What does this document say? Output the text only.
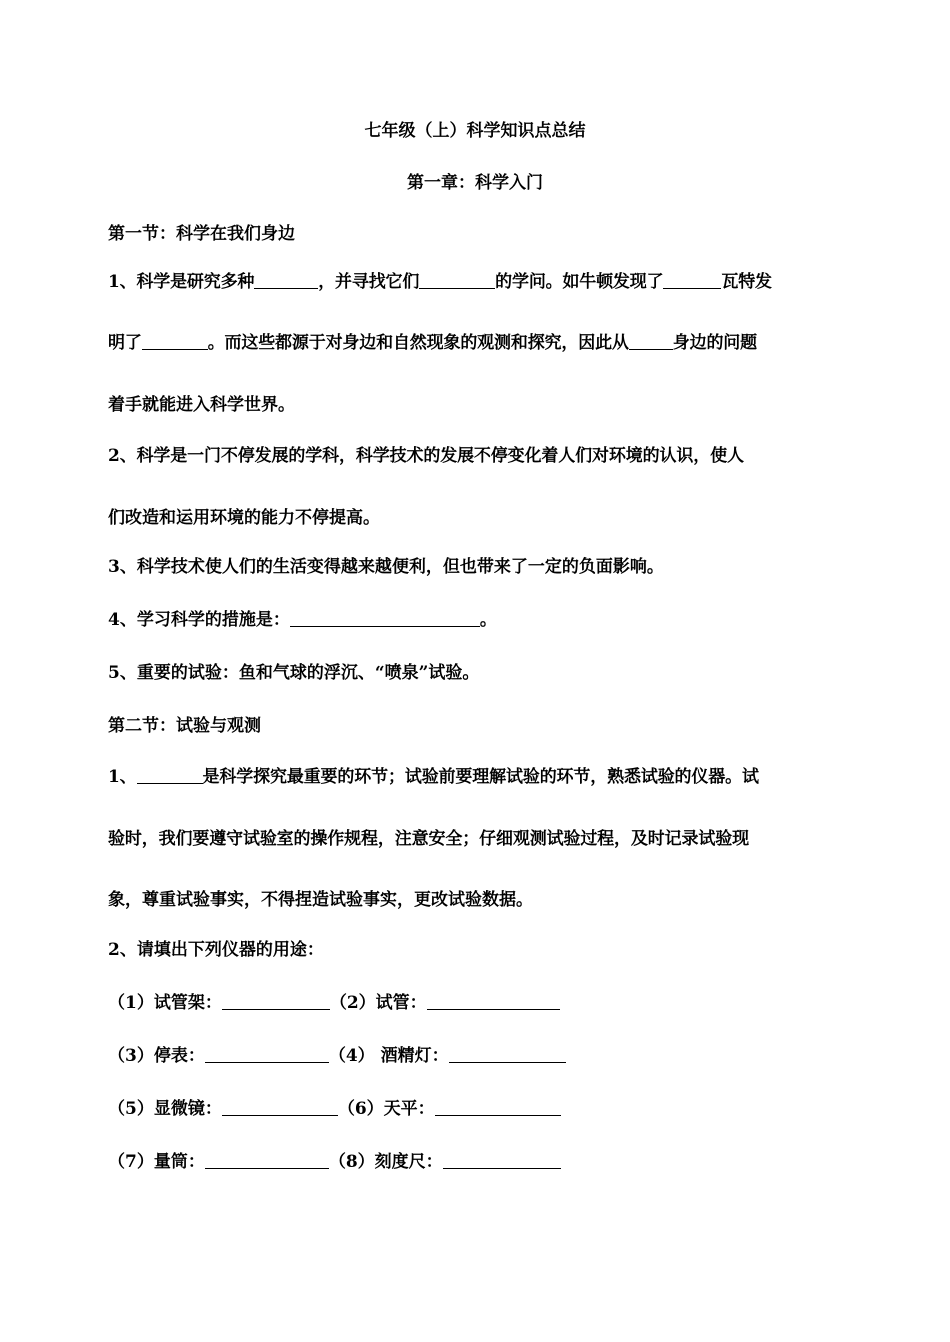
七年级（上）科学知识点总结
第一章：科学入门
第一节：科学在我们身边
1、科学是研究多种	，并寻找它们	的学问。如牛顿发现了	瓦特发
明了	。而这些都源于对身边和自然现象的观测和探究，因此从	身边的问题
着手就能进入科学世界。
2、科学是一门不停发展的学科，科学技术的发展不停变化着人们对环境的认识，使人
们改造和运用环境的能力不停提高。
3、科学技术使人们的生活变得越来越便利，但也带来了一定的负面影响。
4、学习科学的措施是：	。
5、重要的试验：鱼和气球的浮沉、“喷泉”试验。
第二节：试验与观测
1、	是科学探究最重要的环节；试验前要理解试验的环节，熟悉试验的仪器。试
验时，我们要遵守试验室的操作规程，注意安全；仔细观测试验过程，及时记录试验现
象，尊重试验事实，不得捏造试验事实，更改试验数据。
2、请填出下列仪器的用途：
（1）试管架：	（2）试管：
（3）停表：	（4） 酒精灯：
（5）显微镜：	（6）天平：
（7）量筒：	（8）刻度尺：
